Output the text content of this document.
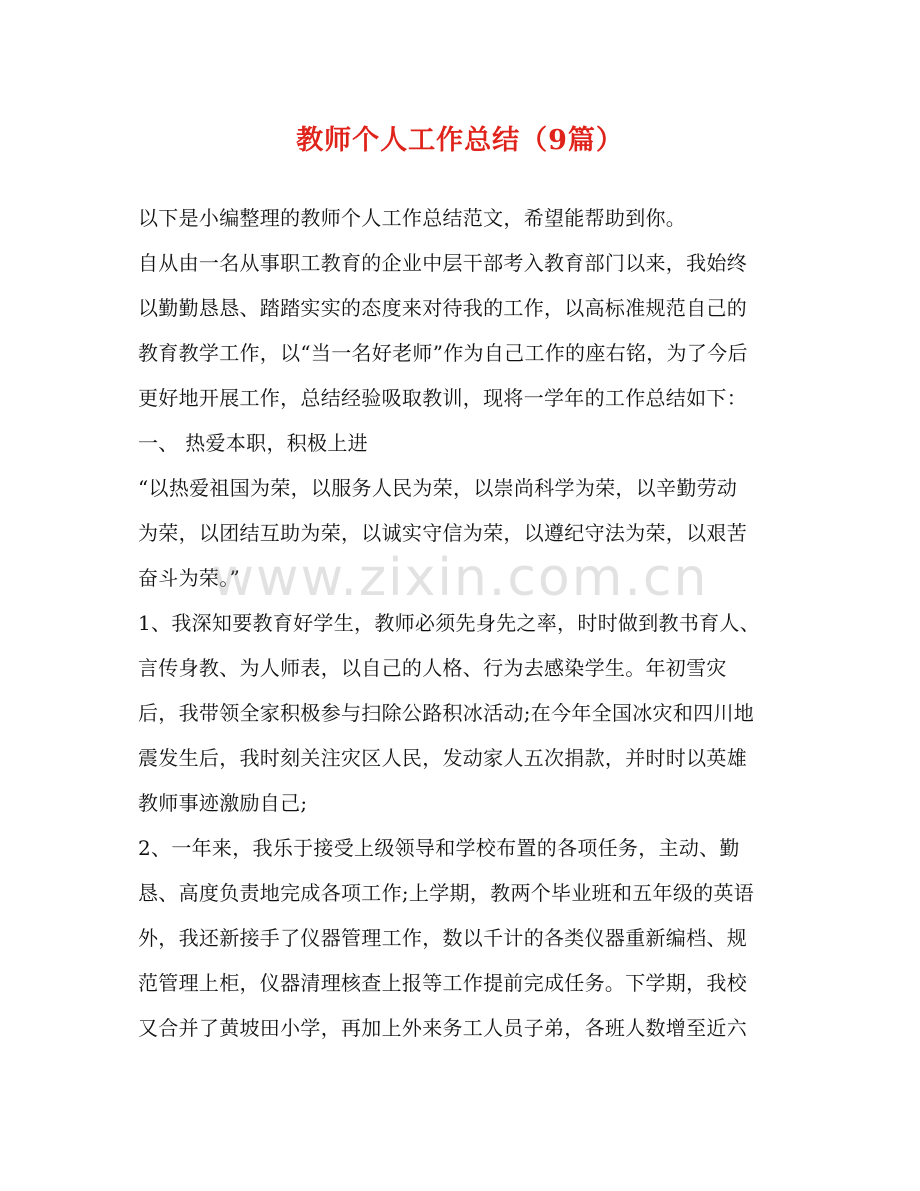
教师个人工作总结（9篇）
以下是小编整理的教师个人工作总结范文，希望能帮助到你。
自从由一名从事职工教育的企业中层干部考入教育部门以来，我始终
以勤勤恳恳、踏踏实实的态度来对待我的工作，以高标准规范自己的
教育教学工作，以“当一名好老师”作为自己工作的座右铭，为了今后
更好地开展工作，总结经验吸取教训，现将一学年的工作总结如下：
一、 热爱本职，积极上进
“以热爱祖国为荣，以服务人民为荣，以崇尚科学为荣，以辛勤劳动
为荣，以团结互助为荣，以诚实守信为荣，以遵纪守法为荣，以艰苦
奋斗为荣。”
1、我深知要教育好学生，教师必须先身先之率，时时做到教书育人、
言传身教、为人师表，以自己的人格、行为去感染学生。年初雪灾
后，我带领全家积极参与扫除公路积冰活动;在今年全国冰灾和四川地
震发生后，我时刻关注灾区人民，发动家人五次捐款，并时时以英雄
教师事迹激励自己;
2、一年来，我乐于接受上级领导和学校布置的各项任务，主动、勤
恳、高度负责地完成各项工作;上学期，教两个毕业班和五年级的英语
外，我还新接手了仪器管理工作，数以千计的各类仪器重新编档、规
范管理上柜，仪器清理核查上报等工作提前完成任务。下学期，我校
又合并了黄坡田小学，再加上外来务工人员子弟，各班人数增至近六
www.zixin.com.cn
